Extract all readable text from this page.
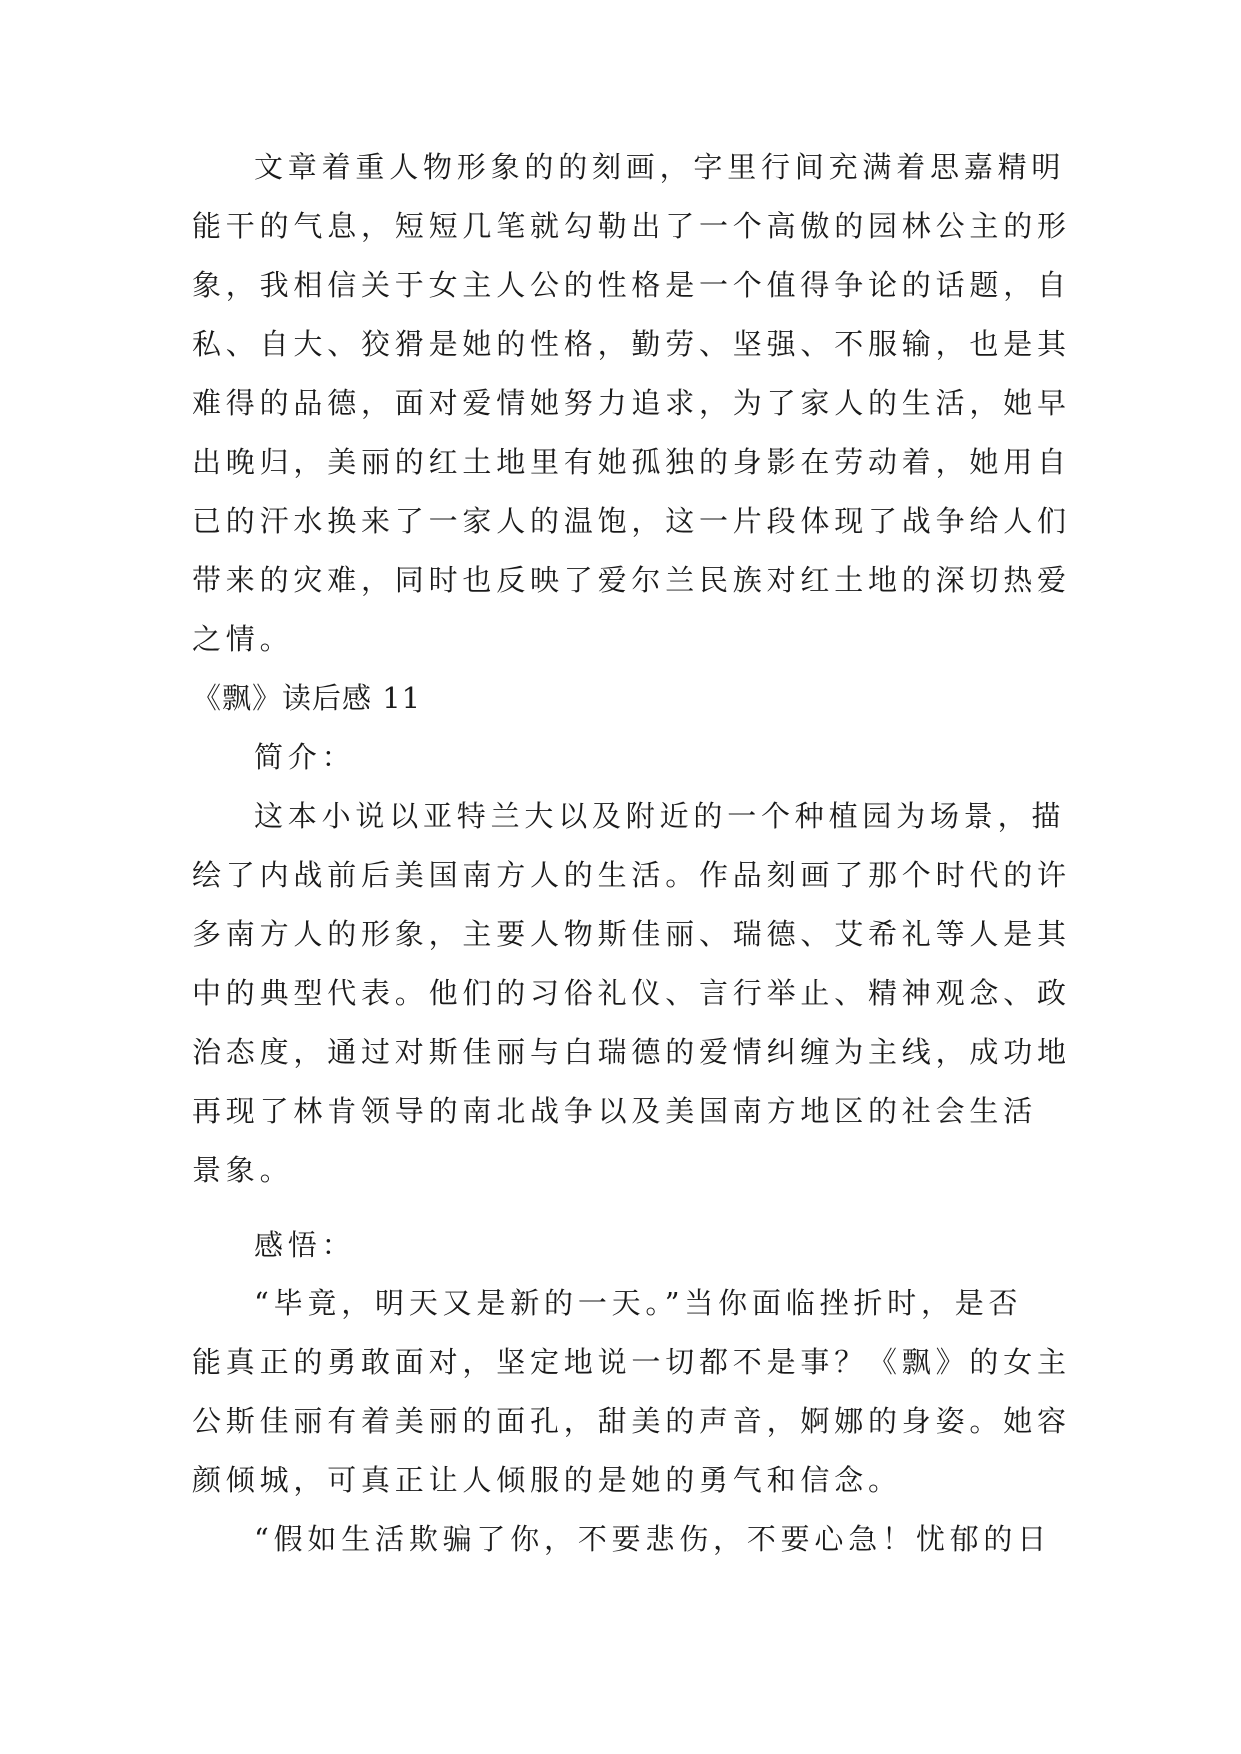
文章着重人物形象的的刻画，字里行间充满着思嘉精明
能干的气息，短短几笔就勾勒出了一个高傲的园林公主的形
象，我相信关于女主人公的性格是一个值得争论的话题，自
私、自大、狡猾是她的性格，勤劳、坚强、不服输，也是其
难得的品德，面对爱情她努力追求，为了家人的生活，她早
出晚归，美丽的红土地里有她孤独的身影在劳动着，她用自
已的汗水换来了一家人的温饱，这一片段体现了战争给人们
带来的灾难，同时也反映了爱尔兰民族对红土地的深切热爱
之情。
《飘》读后感 11
简介：
这本小说以亚特兰大以及附近的一个种植园为场景，描
绘了内战前后美国南方人的生活。作品刻画了那个时代的许
多南方人的形象，主要人物斯佳丽、瑞德、艾希礼等人是其
中的典型代表。他们的习俗礼仪、言行举止、精神观念、政
治态度，通过对斯佳丽与白瑞德的爱情纠缠为主线，成功地
再现了林肯领导的南北战争以及美国南方地区的社会生活
景象。
感悟：
“毕竟，明天又是新的一天。”当你面临挫折时，是否
能真正的勇敢面对，坚定地说一切都不是事？《飘》的女主
公斯佳丽有着美丽的面孔，甜美的声音，婀娜的身姿。她容
颜倾城，可真正让人倾服的是她的勇气和信念。
“假如生活欺骗了你，不要悲伤，不要心急！忧郁的日
